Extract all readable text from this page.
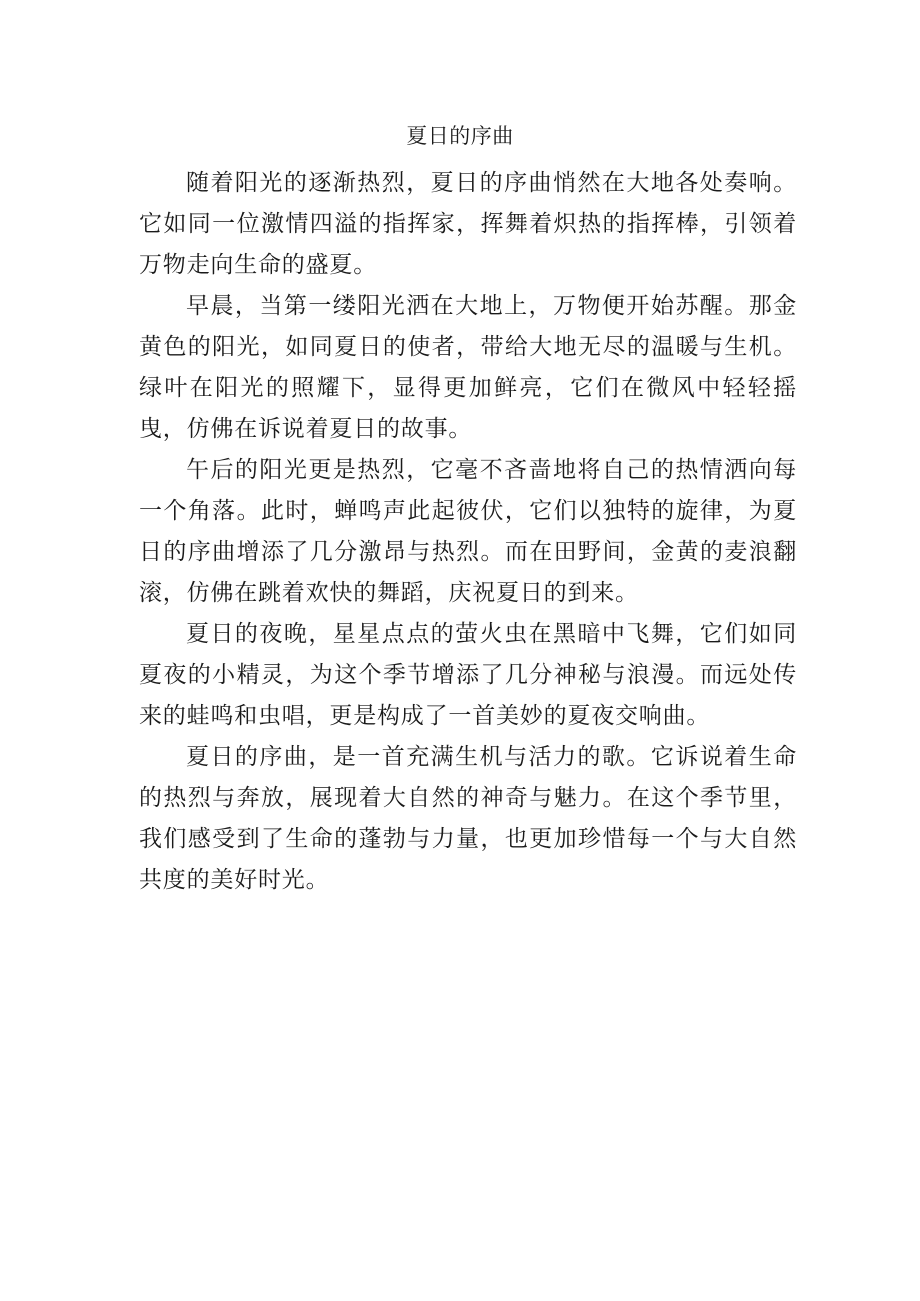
夏日的序曲

随着阳光的逐渐热烈，夏日的序曲悄然在大地各处奏响。它如同一位激情四溢的指挥家，挥舞着炽热的指挥棒，引领着万物走向生命的盛夏。

早晨，当第一缕阳光洒在大地上，万物便开始苏醒。那金黄色的阳光，如同夏日的使者，带给大地无尽的温暖与生机。绿叶在阳光的照耀下，显得更加鲜亮，它们在微风中轻轻摇曳，仿佛在诉说着夏日的故事。

午后的阳光更是热烈，它毫不吝啬地将自己的热情洒向每一个角落。此时，蝉鸣声此起彼伏，它们以独特的旋律，为夏日的序曲增添了几分激昂与热烈。而在田野间，金黄的麦浪翻滚，仿佛在跳着欢快的舞蹈，庆祝夏日的到来。

夏日的夜晚，星星点点的萤火虫在黑暗中飞舞，它们如同夏夜的小精灵，为这个季节增添了几分神秘与浪漫。而远处传来的蛙鸣和虫唱，更是构成了一首美妙的夏夜交响曲。

夏日的序曲，是一首充满生机与活力的歌。它诉说着生命的热烈与奔放，展现着大自然的神奇与魅力。在这个季节里，我们感受到了生命的蓬勃与力量，也更加珍惜每一个与大自然共度的美好时光。
